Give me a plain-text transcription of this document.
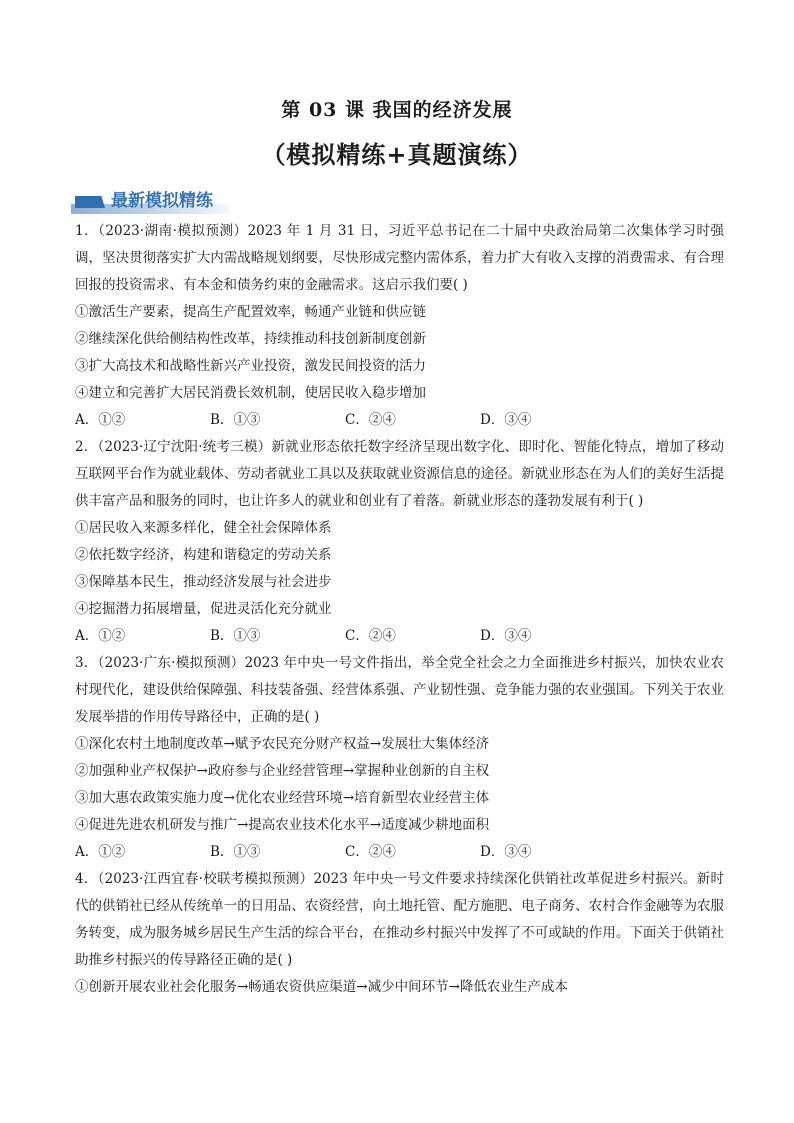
第 03 课 我国的经济发展
（模拟精练+真题演练）
最新模拟精练
1．（2023·湖南·模拟预测）2023 年 1 月 31 日，习近平总书记在二十届中央政治局第二次集体学习时强调，坚决贯彻落实扩大内需战略规划纲要，尽快形成完整内需体系，着力扩大有收入支撑的消费需求、有合理回报的投资需求、有本金和债务约束的金融需求。这启示我们要( )
①激活生产要素，提高生产配置效率，畅通产业链和供应链
②继续深化供给侧结构性改革，持续推动科技创新制度创新
③扩大高技术和战略性新兴产业投资，激发民间投资的活力
④建立和完善扩大居民消费长效机制，使居民收入稳步增加
A．①②	B．①③	C．②④	D．③④
2．（2023·辽宁沈阳·统考三模）新就业形态依托数字经济呈现出数字化、即时化、智能化特点，增加了移动互联网平台作为就业载体、劳动者就业工具以及获取就业资源信息的途径。新就业形态在为人们的美好生活提供丰富产品和服务的同时，也让许多人的就业和创业有了着落。新就业形态的蓬勃发展有利于( )
①居民收入来源多样化，健全社会保障体系
②依托数字经济，构建和谐稳定的劳动关系
③保障基本民生，推动经济发展与社会进步
④挖掘潜力拓展增量，促进灵活化充分就业
A．①②	B．①③	C．②④	D．③④
3．（2023·广东·模拟预测）2023 年中央一号文件指出，举全党全社会之力全面推进乡村振兴，加快农业农村现代化，建设供给保障强、科技装备强、经营体系强、产业韧性强、竞争能力强的农业强国。下列关于农业发展举措的作用传导路径中，正确的是( )
①深化农村土地制度改革→赋予农民充分财产权益→发展壮大集体经济
②加强种业产权保护→政府参与企业经营管理→掌握种业创新的自主权
③加大惠农政策实施力度→优化农业经营环境→培育新型农业经营主体
④促进先进农机研发与推广→提高农业技术化水平→适度减少耕地面积
A．①②	B．①③	C．②④	D．③④
4．（2023·江西宜春·校联考模拟预测）2023 年中央一号文件要求持续深化供销社改革促进乡村振兴。新时代的供销社已经从传统单一的日用品、农资经营，向土地托管、配方施肥、电子商务、农村合作金融等为农服务转变，成为服务城乡居民生产生活的综合平台，在推动乡村振兴中发挥了不可或缺的作用。下面关于供销社助推乡村振兴的传导路径正确的是( )
①创新开展农业社会化服务→畅通农资供应渠道→减少中间环节→降低农业生产成本
